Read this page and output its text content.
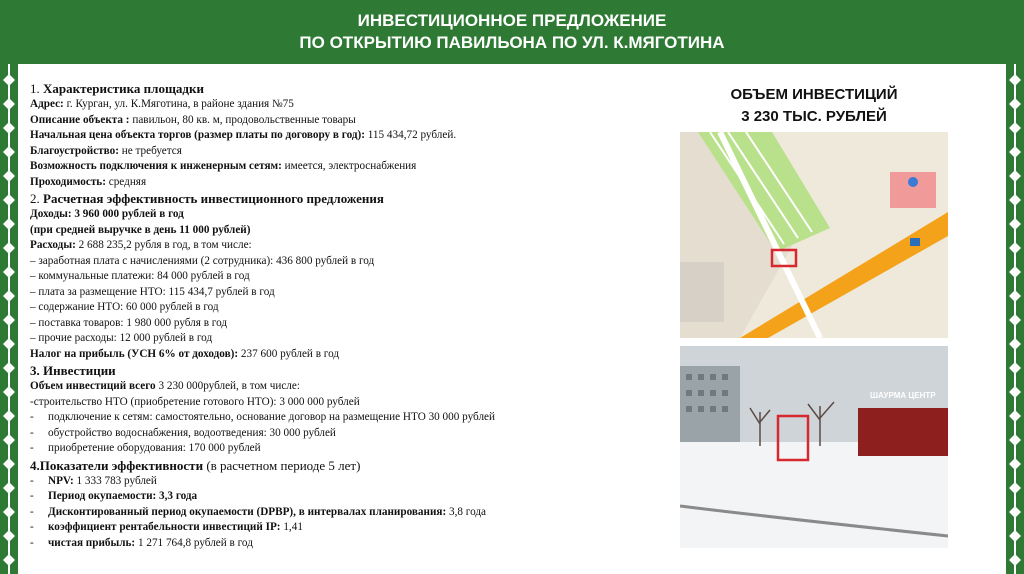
ИНВЕСТИЦИОННОЕ ПРЕДЛОЖЕНИЕ
ПО ОТКРЫТИЮ ПАВИЛЬОНА ПО УЛ. К.МЯГОТИНА
1. Характеристика площадки
Адрес: г. Курган, ул. К.Мяготина, в районе здания №75
Описание объекта : павильон, 80 кв. м, продовольственные товары
Начальная цена объекта торгов (размер платы по договору в год): 115 434,72 рублей.
Благоустройство: не требуется
Возможность подключения к инженерным сетям: имеется, электроснабжения
Проходимость: средняя
2. Расчетная эффективность инвестиционного предложения
Доходы: 3 960 000 рублей в год
(при средней выручке в день 11 000 рублей)
Расходы: 2 688 235,2 рубля в год, в том числе:
– заработная плата с начислениями (2 сотрудника): 436 800 рублей в год
– коммунальные платежи: 84 000 рублей в год
– плата за размещение НТО: 115 434,7 рублей в год
– содержание НТО: 60 000 рублей в год
– поставка товаров: 1 980 000 рубля в год
– прочие расходы: 12 000 рублей в год
Налог на прибыль (УСН 6% от доходов): 237 600 рублей в год
3. Инвестиции
Объем инвестиций всего 3 230 000рублей, в том числе:
-строительство НТО (приобретение готового НТО): 3 000 000 рублей
- подключение к сетям: самостоятельно, основание договор на размещение НТО 30 000 рублей
- обустройство водоснабжения, водоотведения: 30 000 рублей
- приобретение оборудования: 170 000 рублей
4.Показатели эффективности (в расчетном периоде 5 лет)
- NPV: 1 333 783 рублей
- Период окупаемости: 3,3 года
- Дисконтированный период окупаемости (DPBP), в интервалах планирования: 3,8 года
- коэффициент рентабельности инвестиций IP: 1,41
- чистая прибыль: 1 271 764,8 рублей в год
ОБЪЕМ ИНВЕСТИЦИЙ
3 230 ТЫС. РУБЛЕЙ
ШАУРМА ЦЕНТР
